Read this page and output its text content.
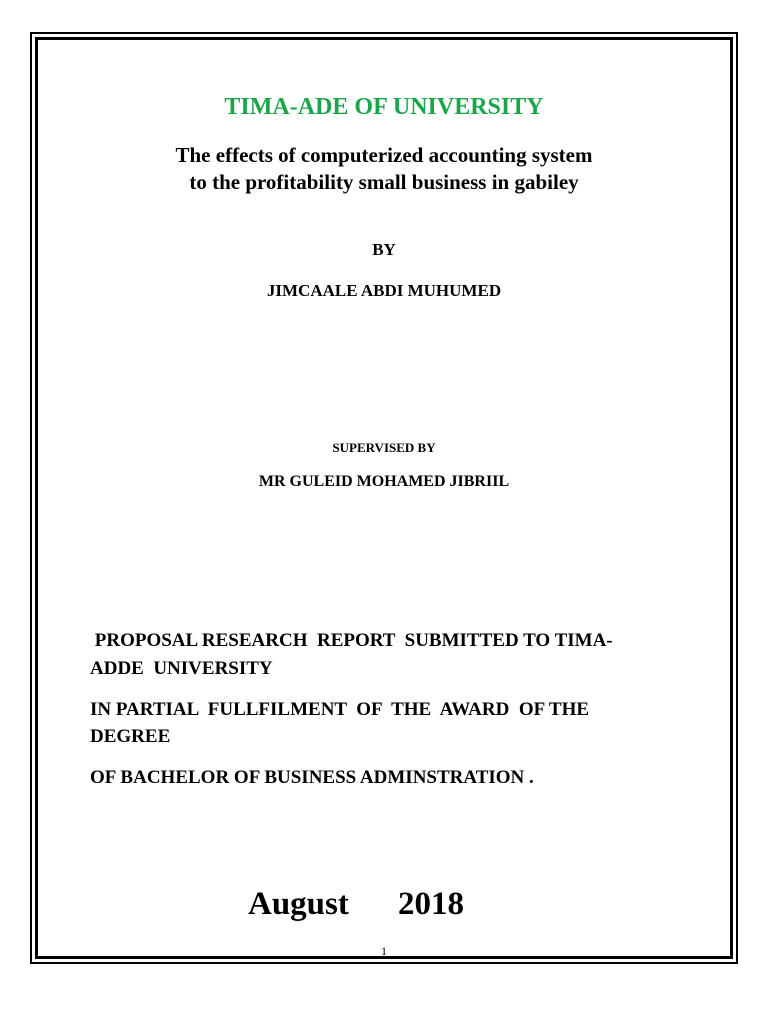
TIMA-ADE OF UNIVERSITY
The effects of computerized accounting system
to the profitability small business in gabiley
BY
JIMCAALE ABDI MUHUMED
SUPERVISED BY
MR GULEID MOHAMED JIBRIIL
PROPOSAL RESEARCH  REPORT  SUBMITTED TO TIMA-
ADDE  UNIVERSITY
IN PARTIAL  FULLFILMENT  OF  THE  AWARD  OF THE
DEGREE
OF BACHELOR OF BUSINESS ADMINSTRATION .
August 2018
1
